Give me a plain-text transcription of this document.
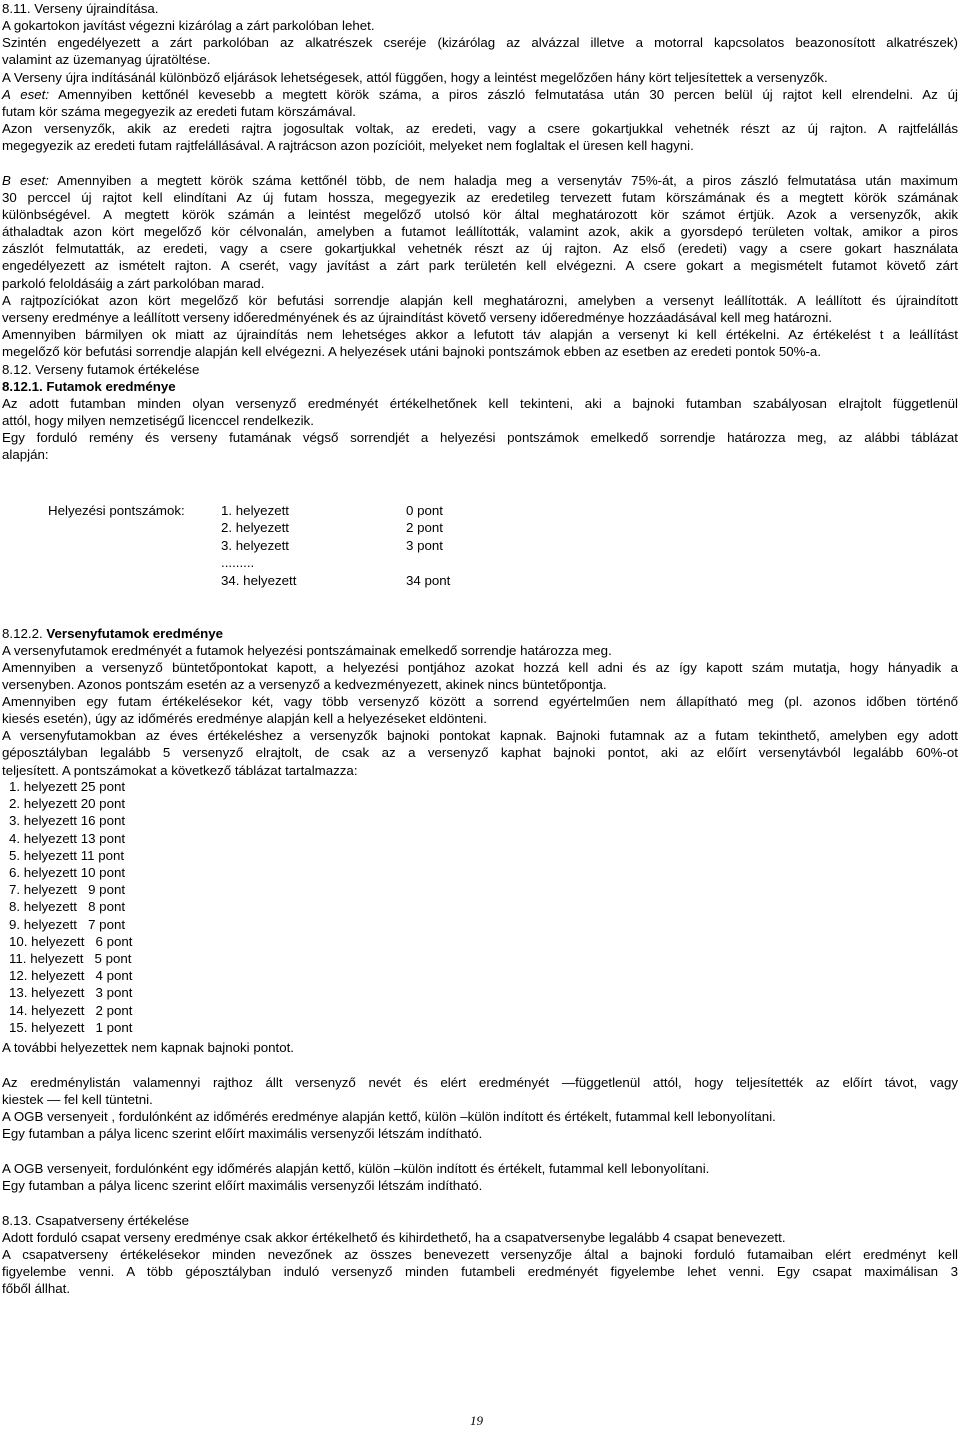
8.11. Verseny újraindítása.
A gokartokon javítást végezni kizárólag a zárt parkolóban lehet.
Szintén engedélyezett a zárt parkolóban az alkatrészek cseréje (kizárólag az alvázzal illetve a motorral kapcsolatos beazonosított alkatrészek)
valamint az üzemanyag újratöltése.
A Verseny újra indításánál különböző eljárások lehetségesek, attól függően, hogy a leintést megelőzően hány kört teljesítettek a versenyzők.
A eset: Amennyiben kettőnél kevesebb a megtett körök száma, a piros zászló felmutatása után 30 percen belül új rajtot kell elrendelni. Az új
futam kör száma megegyezik az eredeti futam körszámával.
Azon versenyzők, akik az eredeti rajtra jogosultak voltak, az eredeti, vagy a csere gokartjukkal vehetnék részt az új rajton. A rajtfelállás
megegyezik az eredeti futam rajtfelállásával. A rajtrácson azon pozícióit, melyeket nem foglaltak el üresen kell hagyni.
B eset: Amennyiben a megtett körök száma kettőnél több, de nem haladja meg a versenytáv 75%-át, a piros zászló felmutatása után maximum
30 perccel új rajtot kell elindítani Az új futam hossza, megegyezik az eredetileg tervezett futam körszámának és a megtett körök számának
különbségével. A megtett körök számán a leintést megelőző utolsó kör által meghatározott kör számot értjük. Azok a versenyzők, akik
áthaladtak azon kört megelőző kör célvonalán, amelyben a futamot leállították, valamint azok, akik a gyorsdepó területen voltak, amikor a piros
zászlót felmutatták, az eredeti, vagy a csere gokartjukkal vehetnék részt az új rajton. Az első (eredeti) vagy a csere gokart használata
engedélyezett az ismételt rajton. A cserét, vagy javítást a zárt park területén kell elvégezni. A csere gokart a megismételt futamot követő zárt
parkoló feloldásáig a zárt parkolóban marad.
A rajtpozíciókat azon kört megelőző kör befutási sorrendje alapján kell meghatározni, amelyben a versenyt leállították. A leállított és újraindított
verseny eredménye a leállított verseny időeredményének és az újraindítást követő verseny időeredménye hozzáadásával kell meg határozni.
Amennyiben bármilyen ok miatt az újraindítás nem lehetséges akkor a lefutott táv alapján a versenyt ki kell értékelni. Az értékelést t a leállítást
megelőző kör befutási sorrendje alapján kell elvégezni. A helyezések utáni bajnoki pontszámok ebben az esetben az eredeti pontok 50%-a.
8.12. Verseny futamok értékelése
8.12.1. Futamok eredménye
Az adott futamban minden olyan versenyző eredményét értékelhetőnek kell tekinteni, aki a bajnoki futamban szabályosan elrajtolt függetlenül
attól, hogy milyen nemzetiségű licenccel rendelkezik.
Egy forduló remény és verseny futamának végső sorrendjét a helyezési pontszámok emelkedő sorrendje határozza meg, az alábbi táblázat
alapján:
Helyezési pontszámok:	1. helyezett	0 pont
2. helyezett	2 pont
3. helyezett	3 pont
.........
34. helyezett	34 pont
8.12.2. Versenyfutamok eredménye
A versenyfutamok eredményét a futamok helyezési pontszámainak emelkedő sorrendje határozza meg.
Amennyiben a versenyző büntetőpontokat kapott, a helyezési pontjához azokat hozzá kell adni és az így kapott szám mutatja, hogy hányadik a
versenyben. Azonos pontszám esetén az a versenyző a kedvezményezett, akinek nincs büntetőpontja.
Amennyiben egy futam értékelésekor két, vagy több versenyző között a sorrend egyértelműen nem állapítható meg (pl. azonos időben történő
kiesés esetén), úgy az időmérés eredménye alapján kell a helyezéseket eldönteni.
A versenyfutamokban az éves értékeléshez a versenyzők bajnoki pontokat kapnak. Bajnoki futamnak az a futam tekinthető, amelyben egy adott
géposztályban legalább 5 versenyző elrajtolt, de csak az a versenyző kaphat bajnoki pontot, aki az előírt versenytávból legalább 60%-ot
teljesített. A pontszámokat a következő táblázat tartalmazza:
1. helyezett 25 pont
2. helyezett 20 pont
3. helyezett 16 pont
4. helyezett 13 pont
5. helyezett 11 pont
6. helyezett 10 pont
7. helyezett   9 pont
8. helyezett   8 pont
9. helyezett   7 pont
10. helyezett   6 pont
11. helyezett   5 pont
12. helyezett   4 pont
13. helyezett   3 pont
14. helyezett   2 pont
15. helyezett   1 pont
A további helyezettek nem kapnak bajnoki pontot.
Az eredménylistán valamennyi rajthoz állt versenyző nevét és elért eredményét —függetlenül attól, hogy teljesítették az előírt távot, vagy
kiestek — fel kell tüntetni.
A OGB versenyeit , fordulónként az időmérés eredménye alapján kettő, külön –külön indított és értékelt, futammal kell lebonyolítani.
Egy futamban a pálya licenc szerint előírt maximális versenyzői létszám indítható.
A OGB versenyeit, fordulónként egy időmérés alapján kettő, külön –külön indított és értékelt, futammal kell lebonyolítani.
Egy futamban a pálya licenc szerint előírt maximális versenyzői létszám indítható.
8.13. Csapatverseny értékelése
Adott forduló csapat verseny eredménye csak akkor értékelhető és kihirdethető, ha a csapatversenybe legalább 4 csapat benevezett.
A csapatverseny értékelésekor minden nevezőnek az összes benevezett versenyzője által a bajnoki forduló futamaiban elért eredményt kell
figyelembe venni. A több géposztályban induló versenyző minden futambeli eredményét figyelembe lehet venni. Egy csapat maximálisan 3
főből állhat.
19
